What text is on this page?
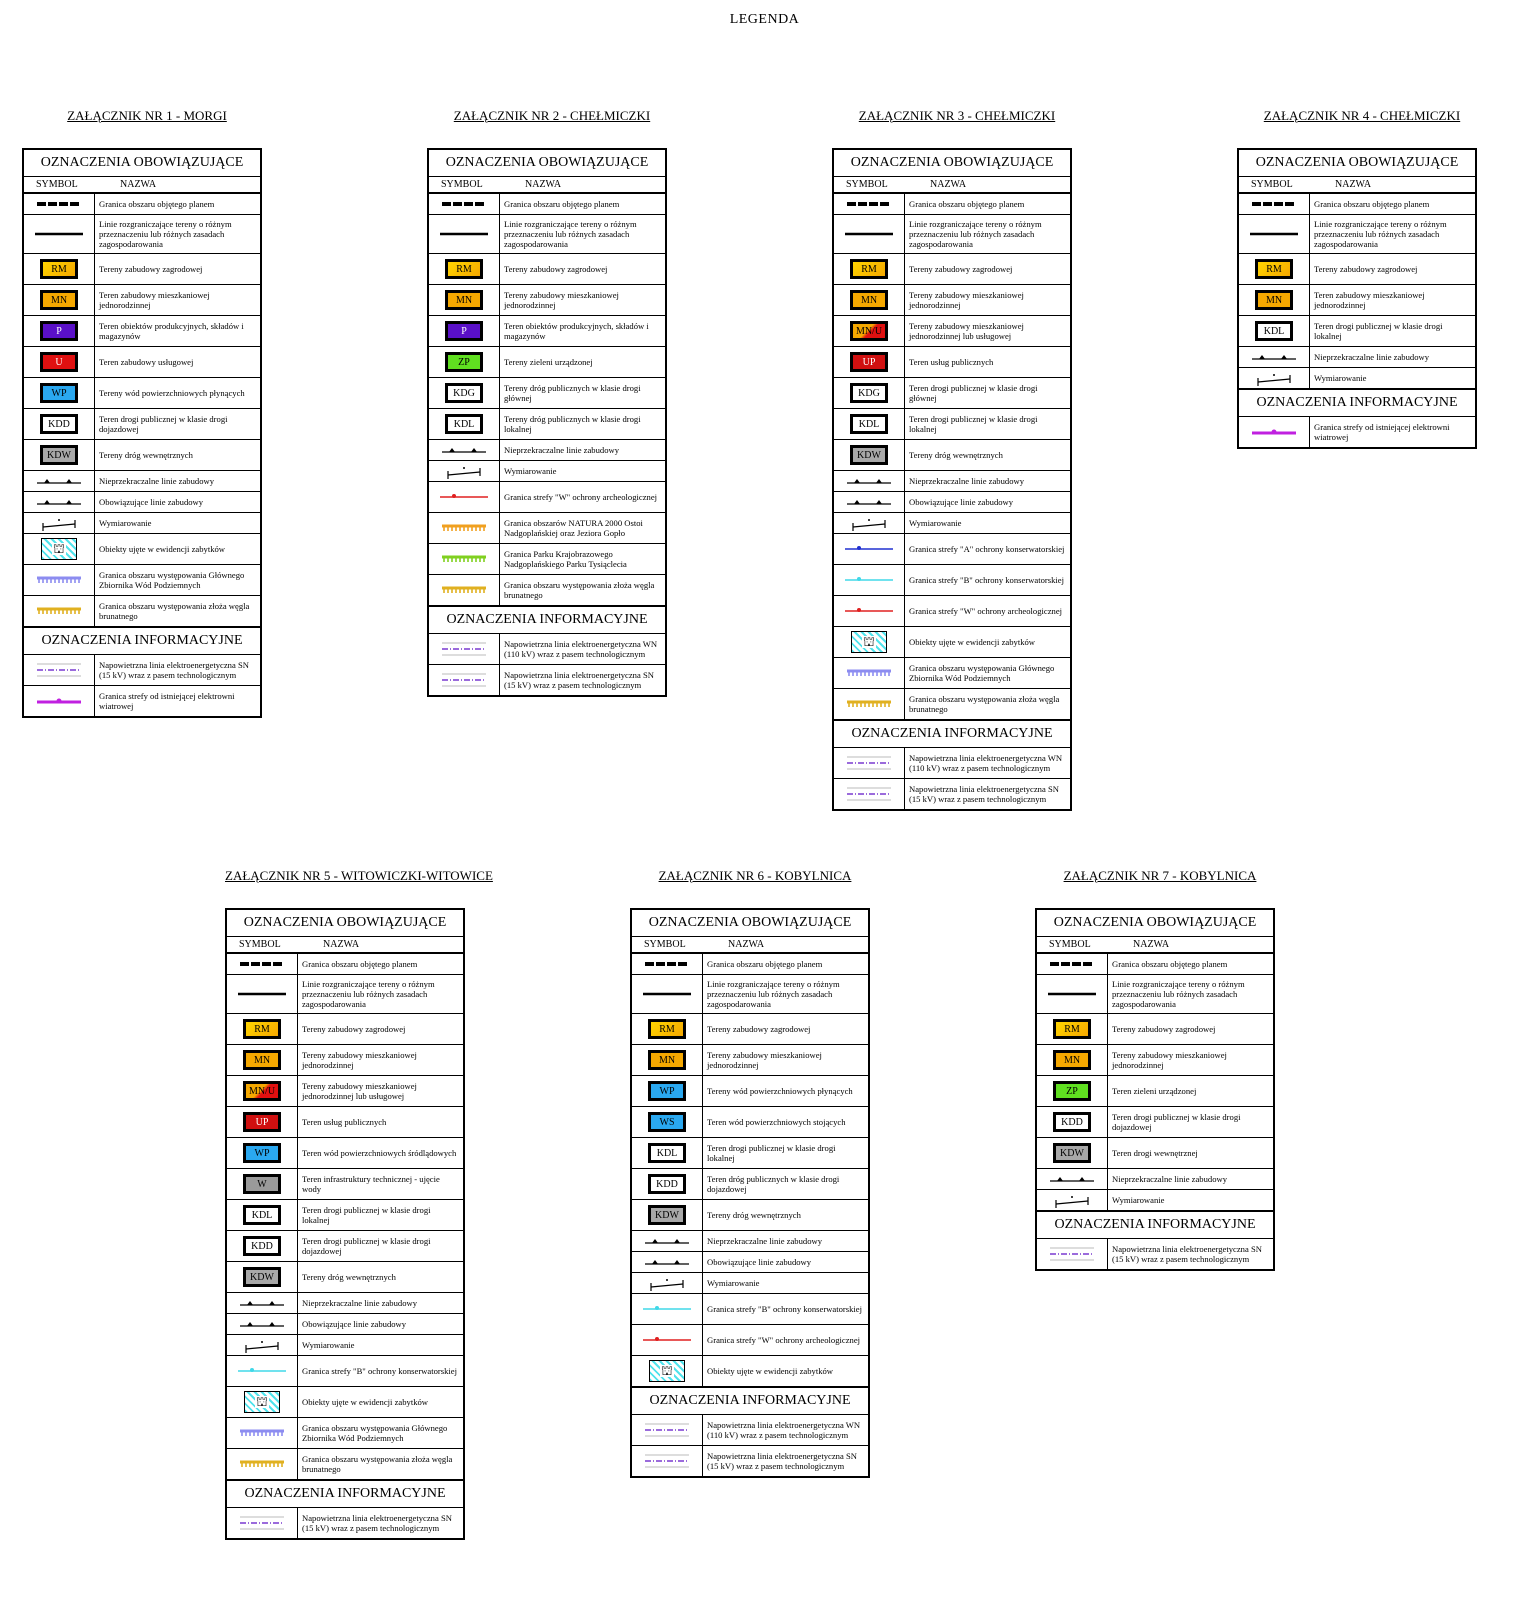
LEGENDA
ZAŁĄCZNIK NR 1 - MORGI
OZNACZENIA OBOWIĄZUJĄCE
SYMBOL	NAZWA
Granica obszaru objętego planem
Linie rozgraniczające tereny o różnym przeznaczeniu lub różnych zasadach zagospodarowania
RM	Tereny zabudowy zagrodowej
MN	Teren zabudowy mieszkaniowej jednorodzinnej
P	Teren obiektów produkcyjnych, składów i magazynów
U	Teren zabudowy usługowej
WP	Tereny wód powierzchniowych płynących
KDD	Teren drogi publicznej w klasie drogi dojazdowej
KDW	Tereny dróg wewnętrznych
Nieprzekraczalne linie zabudowy
Obowiązujące linie zabudowy
Wymiarowanie
⛫	Obiekty ujęte w ewidencji zabytków
Granica obszaru występowania Głównego Zbiornika Wód Podziemnych
Granica obszaru występowania złoża węgla brunatnego
OZNACZENIA INFORMACYJNE
Napowietrzna linia elektroenergetyczna SN (15 kV) wraz z pasem technologicznym
Granica strefy od istniejącej elektrowni wiatrowej
ZAŁĄCZNIK NR 2 - CHEŁMICZKI
OZNACZENIA OBOWIĄZUJĄCE
SYMBOL	NAZWA
Granica obszaru objętego planem
Linie rozgraniczające tereny o różnym przeznaczeniu lub różnych zasadach zagospodarowania
RM	Tereny zabudowy zagrodowej
MN	Tereny zabudowy mieszkaniowej jednorodzinnej
P	Teren obiektów produkcyjnych, składów i magazynów
ZP	Tereny zieleni urządzonej
KDG	Tereny dróg publicznych w klasie drogi głównej
KDL	Tereny dróg publicznych w klasie drogi lokalnej
Nieprzekraczalne linie zabudowy
Wymiarowanie
Granica strefy "W" ochrony archeologicznej
Granica obszarów NATURA 2000 Ostoi Nadgoplańskiej oraz Jeziora Gopło
Granica Parku Krajobrazowego Nadgoplańskiego Parku Tysiąclecia
Granica obszaru występowania złoża węgla brunatnego
OZNACZENIA INFORMACYJNE
Napowietrzna linia elektroenergetyczna WN (110 kV) wraz z pasem technologicznym
Napowietrzna linia elektroenergetyczna SN (15 kV) wraz z pasem technologicznym
ZAŁĄCZNIK NR 3 - CHEŁMICZKI
OZNACZENIA OBOWIĄZUJĄCE
SYMBOL	NAZWA
Granica obszaru objętego planem
Linie rozgraniczające tereny o różnym przeznaczeniu lub różnych zasadach zagospodarowania
RM	Tereny zabudowy zagrodowej
MN	Tereny zabudowy mieszkaniowej jednorodzinnej
MN/U	Tereny zabudowy mieszkaniowej jednorodzinnej lub usługowej
UP	Teren usług publicznych
KDG	Teren drogi publicznej w klasie drogi głównej
KDL	Teren drogi publicznej w klasie drogi lokalnej
KDW	Tereny dróg wewnętrznych
Nieprzekraczalne linie zabudowy
Obowiązujące linie zabudowy
Wymiarowanie
Granica strefy "A" ochrony konserwatorskiej
Granica strefy "B" ochrony konserwatorskiej
Granica strefy "W" ochrony archeologicznej
⛫	Obiekty ujęte w ewidencji zabytków
Granica obszaru występowania Głównego Zbiornika Wód Podziemnych
Granica obszaru występowania złoża węgla brunatnego
OZNACZENIA INFORMACYJNE
Napowietrzna linia elektroenergetyczna WN (110 kV) wraz z pasem technologicznym
Napowietrzna linia elektroenergetyczna SN (15 kV) wraz z pasem technologicznym
ZAŁĄCZNIK NR 4 - CHEŁMICZKI
OZNACZENIA OBOWIĄZUJĄCE
SYMBOL	NAZWA
Granica obszaru objętego planem
Linie rozgraniczające tereny o różnym przeznaczeniu lub różnych zasadach zagospodarowania
RM	Tereny zabudowy zagrodowej
MN	Teren zabudowy mieszkaniowej jednorodzinnej
KDL	Teren drogi publicznej w klasie drogi lokalnej
Nieprzekraczalne linie zabudowy
Wymiarowanie
OZNACZENIA INFORMACYJNE
Granica strefy od istniejącej elektrowni wiatrowej
ZAŁĄCZNIK NR 5 - WITOWICZKI-WITOWICE
OZNACZENIA OBOWIĄZUJĄCE
SYMBOL	NAZWA
Granica obszaru objętego planem
Linie rozgraniczające tereny o różnym przeznaczeniu lub różnych zasadach zagospodarowania
RM	Tereny zabudowy zagrodowej
MN	Tereny zabudowy mieszkaniowej jednorodzinnej
MN/U	Tereny zabudowy mieszkaniowej jednorodzinnej lub usługowej
UP	Teren usług publicznych
WP	Teren wód powierzchniowych śródlądowych
W	Teren infrastruktury technicznej - ujęcie wody
KDL	Teren drogi publicznej w klasie drogi lokalnej
KDD	Teren drogi publicznej w klasie drogi dojazdowej
KDW	Tereny dróg wewnętrznych
Nieprzekraczalne linie zabudowy
Obowiązujące linie zabudowy
Wymiarowanie
Granica strefy "B" ochrony konserwatorskiej
⛫	Obiekty ujęte w ewidencji zabytków
Granica obszaru występowania Głównego Zbiornika Wód Podziemnych
Granica obszaru występowania złoża węgla brunatnego
OZNACZENIA INFORMACYJNE
Napowietrzna linia elektroenergetyczna SN (15 kV) wraz z pasem technologicznym
ZAŁĄCZNIK NR 6 - KOBYLNICA
OZNACZENIA OBOWIĄZUJĄCE
SYMBOL	NAZWA
Granica obszaru objętego planem
Linie rozgraniczające tereny o różnym przeznaczeniu lub różnych zasadach zagospodarowania
RM	Tereny zabudowy zagrodowej
MN	Tereny zabudowy mieszkaniowej jednorodzinnej
WP	Tereny wód powierzchniowych płynących
WS	Teren wód powierzchniowych stojących
KDL	Teren drogi publicznej w klasie drogi lokalnej
KDD	Teren dróg publicznych w klasie drogi dojazdowej
KDW	Tereny dróg wewnętrznych
Nieprzekraczalne linie zabudowy
Obowiązujące linie zabudowy
Wymiarowanie
Granica strefy "B" ochrony konserwatorskiej
Granica strefy "W" ochrony archeologicznej
⛫	Obiekty ujęte w ewidencji zabytków
OZNACZENIA INFORMACYJNE
Napowietrzna linia elektroenergetyczna WN (110 kV) wraz z pasem technologicznym
Napowietrzna linia elektroenergetyczna SN (15 kV) wraz z pasem technologicznym
ZAŁĄCZNIK NR 7 - KOBYLNICA
OZNACZENIA OBOWIĄZUJĄCE
SYMBOL	NAZWA
Granica obszaru objętego planem
Linie rozgraniczające tereny o różnym przeznaczeniu lub różnych zasadach zagospodarowania
RM	Tereny zabudowy zagrodowej
MN	Tereny zabudowy mieszkaniowej jednorodzinnej
ZP	Teren zieleni urządzonej
KDD	Teren drogi publicznej w klasie drogi dojazdowej
KDW	Teren drogi wewnętrznej
Nieprzekraczalne linie zabudowy
Wymiarowanie
OZNACZENIA INFORMACYJNE
Napowietrzna linia elektroenergetyczna SN (15 kV) wraz z pasem technologicznym
